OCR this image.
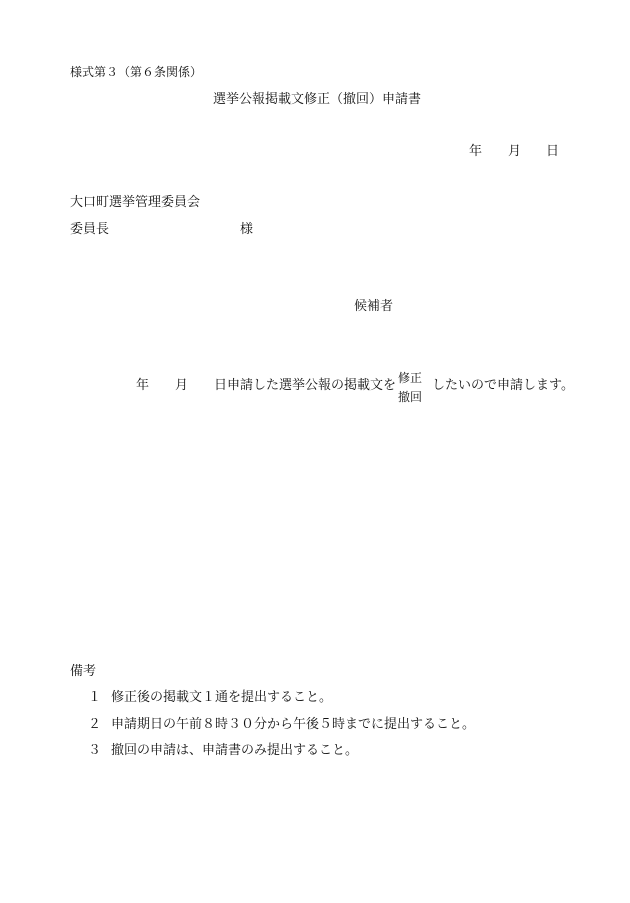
様式第３（第６条関係）
選挙公報掲載文修正（撤回）申請書
年 月 日
大口町選挙管理委員会
委員長	様
候補者
年 月 日申請した選挙公報の掲載文を 修正
撤回
したいので申請します。
備考
１ 修正後の掲載文１通を提出すること。
２ 申請期日の午前８時３０分から午後５時までに提出すること。
３ 撤回の申請は、申請書のみ提出すること。
